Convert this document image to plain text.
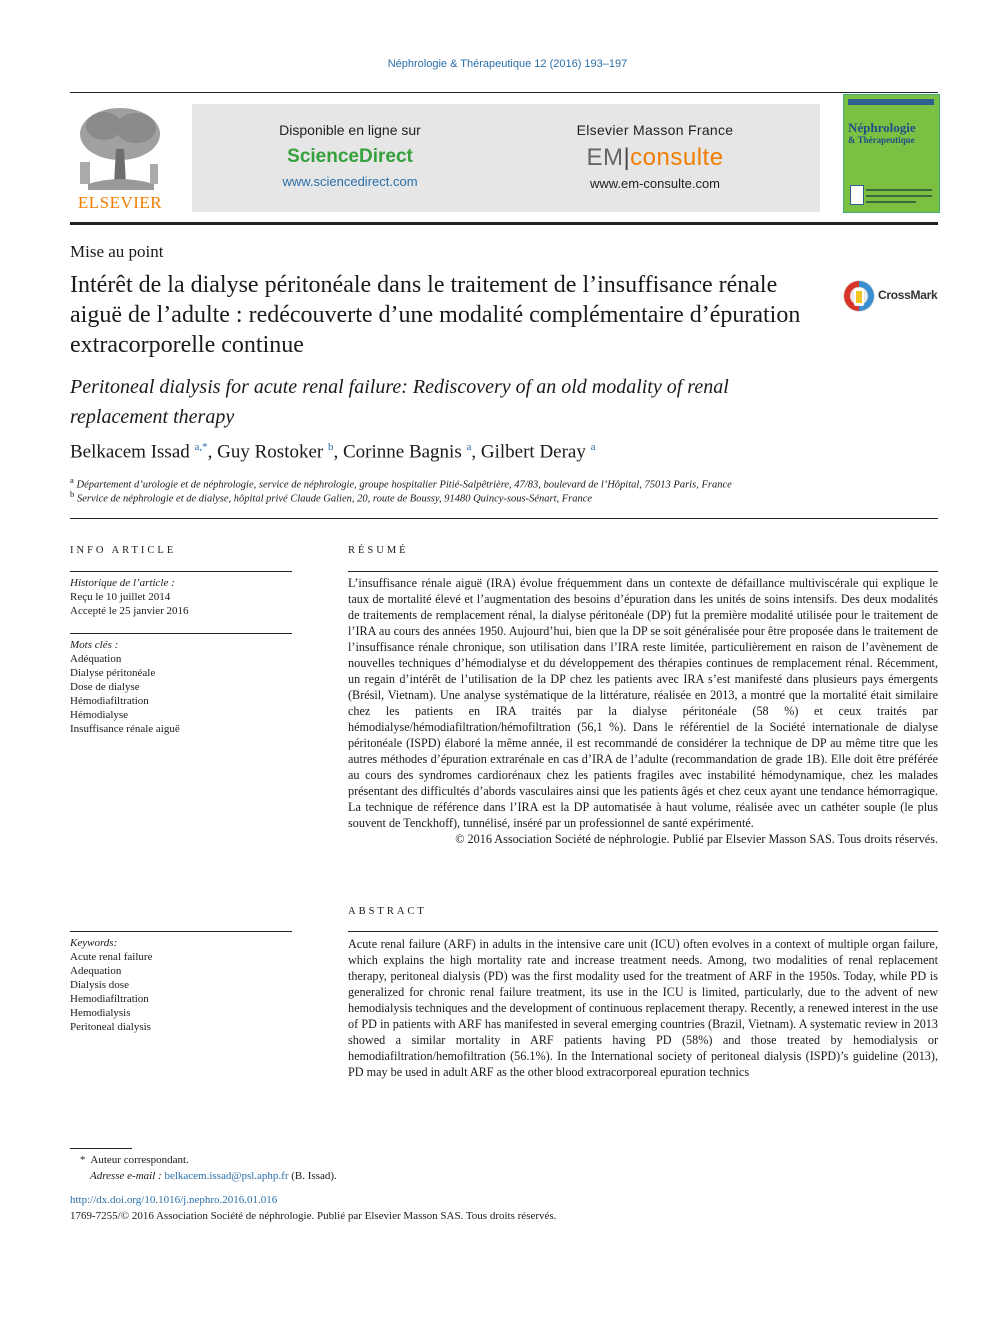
Néphrologie & Thérapeutique 12 (2016) 193–197
ELSEVIER
Disponible en ligne sur
ScienceDirect
www.sciencedirect.com
Elsevier Masson France
EM|consulte
www.em-consulte.com
Néphrologie
& Thérapeutique
Mise au point
Intérêt de la dialyse péritonéale dans le traitement de l’insuffisance rénale aiguë de l’adulte : redécouverte d’une modalité complémentaire d’épuration extracorporelle continue
CrossMark
Peritoneal dialysis for acute renal failure: Rediscovery of an old modality of renal replacement therapy
Belkacem Issad $^{a,*}$, Guy Rostoker $^b$, Corinne Bagnis $^a$, Gilbert Deray $^a$
$^a$ Département d’urologie et de néphrologie, service de néphrologie, groupe hospitalier Pitié-Salpêtrière, 47/83, boulevard de l’Hôpital, 75013 Paris, France
$^b$ Service de néphrologie et de dialyse, hôpital privé Claude Galien, 20, route de Boussy, 91480 Quincy-sous-Sénart, France
INFO ARTICLE
Historique de l’article :
Reçu le 10 juillet 2014
Accepté le 25 janvier 2016
Mots clés :
Adéquation
Dialyse péritonéale
Dose de dialyse
Hémodiafiltration
Hémodialyse
Insuffisance rénale aiguë
Keywords:
Acute renal failure
Adequation
Dialysis dose
Hemodiafiltration
Hemodialysis
Peritoneal dialysis
RÉSUMÉ

L’insuffisance rénale aiguë (IRA) évolue fréquemment dans un contexte de défaillance multiviscérale qui explique le taux de mortalité élevé et l’augmentation des besoins d’épuration dans les unités de soins intensifs. Des deux modalités de traitements de remplacement rénal, la dialyse péritonéale (DP) fut la première modalité utilisée pour le traitement de l’IRA au cours des années 1950. Aujourd’hui, bien que la DP se soit généralisée pour être proposée dans le traitement de l’insuffisance rénale chronique, son utilisation dans l’IRA reste limitée, particulièrement en raison de l’avènement de nouvelles techniques d’hémodialyse et du développement des thérapies continues de remplacement rénal. Récemment, un regain d’intérêt de l’utilisation de la DP chez les patients avec IRA s’est manifesté dans plusieurs pays émergents (Brésil, Vietnam). Une analyse systématique de la littérature, réalisée en 2013, a montré que la mortalité était similaire chez les patients en IRA traités par la dialyse péritonéale (58 %) et ceux traités par hémodialyse/hémodiafiltration/hémofiltration (56,1 %). Dans le référentiel de la Société internationale de dialyse péritonéale (ISPD) élaboré la même année, il est recommandé de considérer la technique de DP au même titre que les autres méthodes d’épuration extrarénale en cas d’IRA de l’adulte (recommandation de grade 1B). Elle doit être préférée au cours des syndromes cardiorénaux chez les patients fragiles avec instabilité hémodynamique, chez les malades présentant des difficultés d’abords vasculaires ainsi que les patients âgés et chez ceux ayant une tendance hémorragique. La technique de référence dans l’IRA est la DP automatisée à haut volume, réalisée avec un cathéter souple (le plus souvent de Tenckhoff), tunnélisé, inséré par un professionnel de santé expérimenté.

© 2016 Association Société de néphrologie. Publié par Elsevier Masson SAS. Tous droits réservés.

ABSTRACT

Acute renal failure (ARF) in adults in the intensive care unit (ICU) often evolves in a context of multiple organ failure, which explains the high mortality rate and increase treatment needs. Among, two modalities of renal replacement therapy, peritoneal dialysis (PD) was the first modality used for the treatment of ARF in the 1950s. Today, while PD is generalized for chronic renal failure treatment, its use in the ICU is limited, particularly, due to the advent of new hemodialysis techniques and the development of continuous replacement therapy. Recently, a renewed interest in the use of PD in patients with ARF has manifested in several emerging countries (Brazil, Vietnam). A systematic review in 2013 showed a similar mortality in ARF patients having PD (58%) and those treated by hemodialysis or hemodiafiltration/hemofiltration (56.1%). In the International society of peritoneal dialysis (ISPD)’s guideline (2013), PD may be used in adult ARF as the other blood extracorporeal epuration technics

* Auteur correspondant.
Adresse e-mail : belkacem.issad@psl.aphp.fr (B. Issad).
http://dx.doi.org/10.1016/j.nephro.2016.01.016
1769-7255/© 2016 Association Société de néphrologie. Publié par Elsevier Masson SAS. Tous droits réservés.
